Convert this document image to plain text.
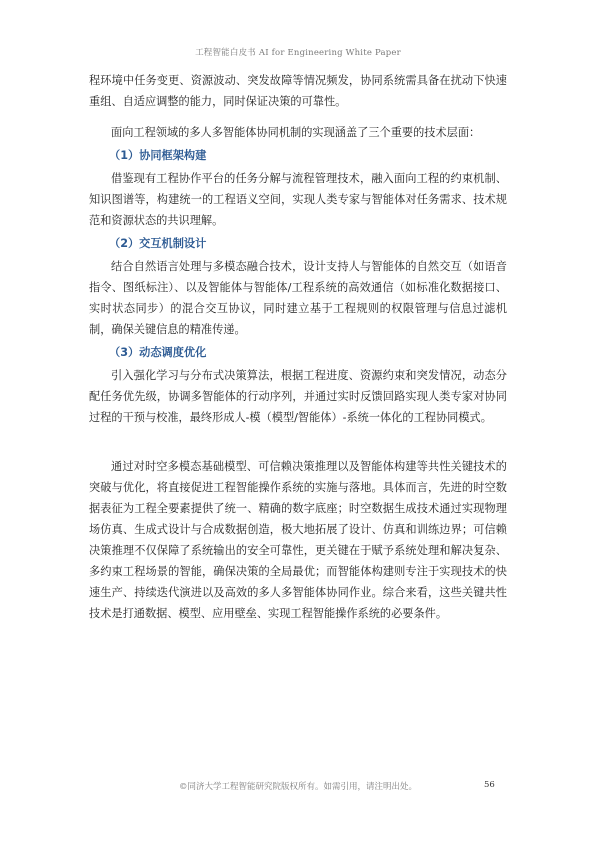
工程智能白皮书 AI for Engineering White Paper

程环境中任务变更、资源波动、突发故障等情况频发，协同系统需具备在扰动下快速重组、自适应调整的能力，同时保证决策的可靠性。

面向工程领域的多人多智能体协同机制的实现涵盖了三个重要的技术层面：

（1）协同框架构建

借鉴现有工程协作平台的任务分解与流程管理技术，融入面向工程的约束机制、知识图谱等，构建统一的工程语义空间，实现人类专家与智能体对任务需求、技术规范和资源状态的共识理解。

（2）交互机制设计

结合自然语言处理与多模态融合技术，设计支持人与智能体的自然交互（如语音指令、图纸标注）、以及智能体与智能体/工程系统的高效通信（如标准化数据接口、实时状态同步）的混合交互协议，同时建立基于工程规则的权限管理与信息过滤机制，确保关键信息的精准传递。

（3）动态调度优化

引入强化学习与分布式决策算法，根据工程进度、资源约束和突发情况，动态分配任务优先级，协调多智能体的行动序列，并通过实时反馈回路实现人类专家对协同过程的干预与校准，最终形成人-模（模型/智能体）-系统一体化的工程协同模式。

通过对时空多模态基础模型、可信赖决策推理以及智能体构建等共性关键技术的突破与优化，将直接促进工程智能操作系统的实施与落地。具体而言，先进的时空数据表征为工程全要素提供了统一、精确的数字底座；时空数据生成技术通过实现物理场仿真、生成式设计与合成数据创造，极大地拓展了设计、仿真和训练边界；可信赖决策推理不仅保障了系统输出的安全可靠性，更关键在于赋予系统处理和解决复杂、多约束工程场景的智能，确保决策的全局最优；而智能体构建则专注于实现技术的快速生产、持续迭代演进以及高效的多人多智能体协同作业。综合来看，这些关键共性技术是打通数据、模型、应用壁垒、实现工程智能操作系统的必要条件。

©同济大学工程智能研究院版权所有。如需引用，请注明出处。	56
